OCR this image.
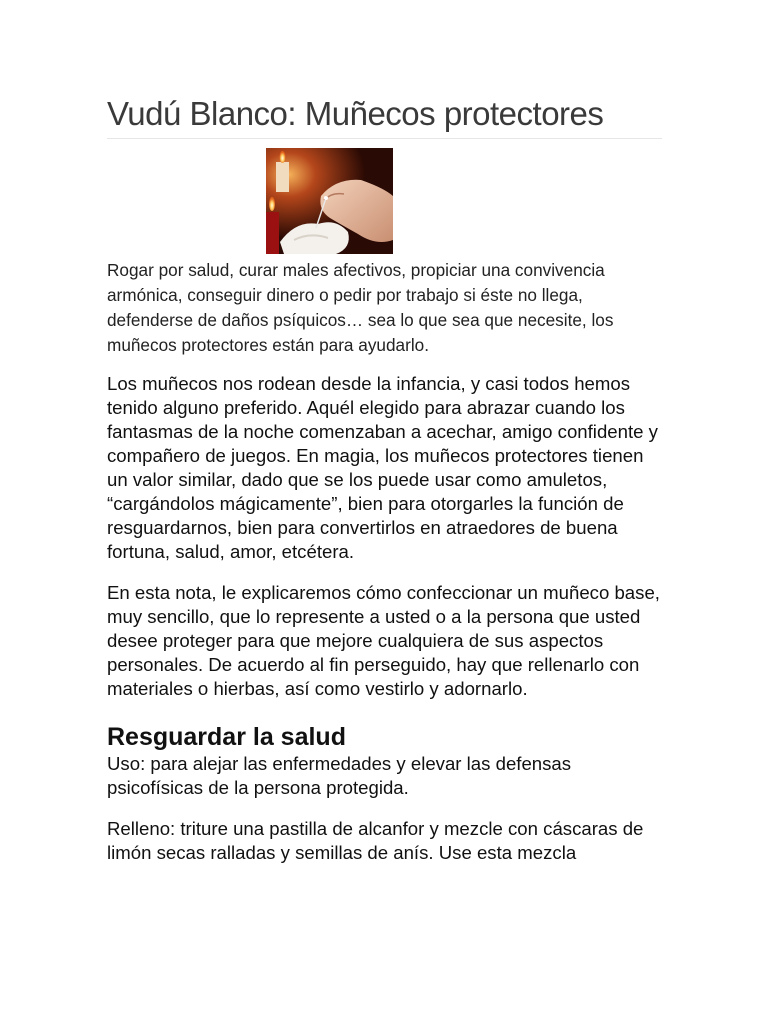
Vudú Blanco: Muñecos protectores

Rogar por salud, curar males afectivos, propiciar una convivencia armónica, conseguir dinero o pedir por trabajo si éste no llega, defenderse de daños psíquicos… sea lo que sea que necesite, los muñecos protectores están para ayudarlo.

Los muñecos nos rodean desde la infancia, y casi todos hemos tenido alguno preferido. Aquél elegido para abrazar cuando los fantasmas de la noche comenzaban a acechar, amigo confidente y compañero de juegos. En magia, los muñecos protectores tienen un valor similar, dado que se los puede usar como amuletos, “cargándolos mágicamente”, bien para otorgarles la función de resguardarnos, bien para convertirlos en atraedores de buena fortuna, salud, amor, etcétera.

En esta nota, le explicaremos cómo confeccionar un muñeco base, muy sencillo, que lo represente a usted o a la persona que usted desee proteger para que mejore cualquiera de sus aspectos personales. De acuerdo al fin perseguido, hay que rellenarlo con materiales o hierbas, así como vestirlo y adornarlo.

Resguardar la salud

Uso: para alejar las enfermedades y elevar las defensas psicofísicas de la persona protegida.

Relleno: triture una pastilla de alcanfor y mezcle con cáscaras de limón secas ralladas y semillas de anís. Use esta mezcla
